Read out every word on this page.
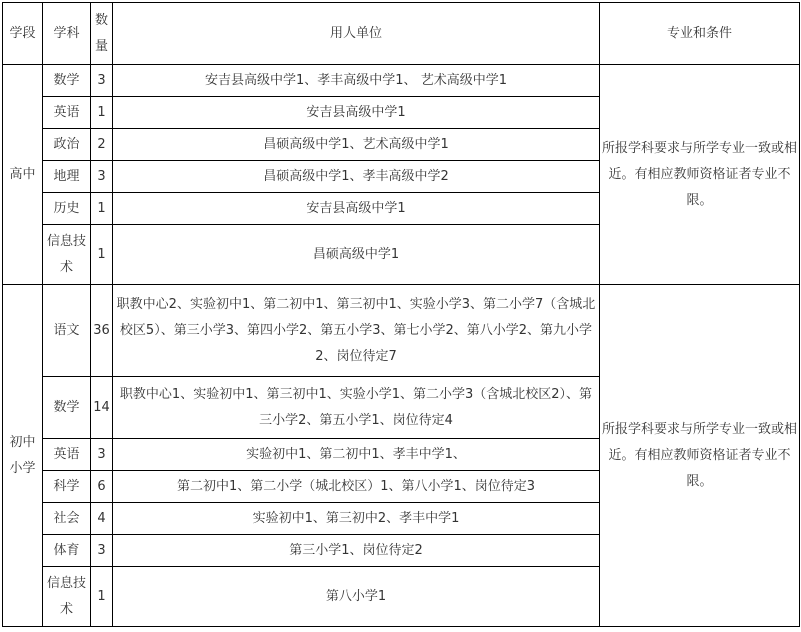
学段	学科	数量	用人单位	专业和条件
高中	数学	3	安吉县高级中学1、孝丰高级中学1、 艺术高级中学1	所报学科要求与所学专业一致或相近。有相应教师资格证者专业不限。
	英语	1	安吉县高级中学1	
	政治	2	昌硕高级中学1、艺术高级中学1	
	地理	3	昌硕高级中学1、孝丰高级中学2	
	历史	1	安吉县高级中学1	
	信息技术	1	昌硕高级中学1	
初中小学	语文	36	职教中心2、实验初中1、第二初中1、第三初中1、实验小学3、第二小学7（含城北校区5）、第三小学3、第四小学2、第五小学3、第七小学2、第八小学2、第九小学2、岗位待定7	所报学科要求与所学专业一致或相近。有相应教师资格证者专业不限。
	数学	14	职教中心1、实验初中1、第三初中1、实验小学1、第二小学3（含城北校区2）、第三小学2、第五小学1、岗位待定4	
	英语	3	实验初中1、第二初中1、孝丰中学1、	
	科学	6	第二初中1、第二小学（城北校区）1、第八小学1、岗位待定3	
	社会	4	实验初中1、第三初中2、孝丰中学1	
	体育	3	第三小学1、岗位待定2	
	信息技术	1	第八小学1	
